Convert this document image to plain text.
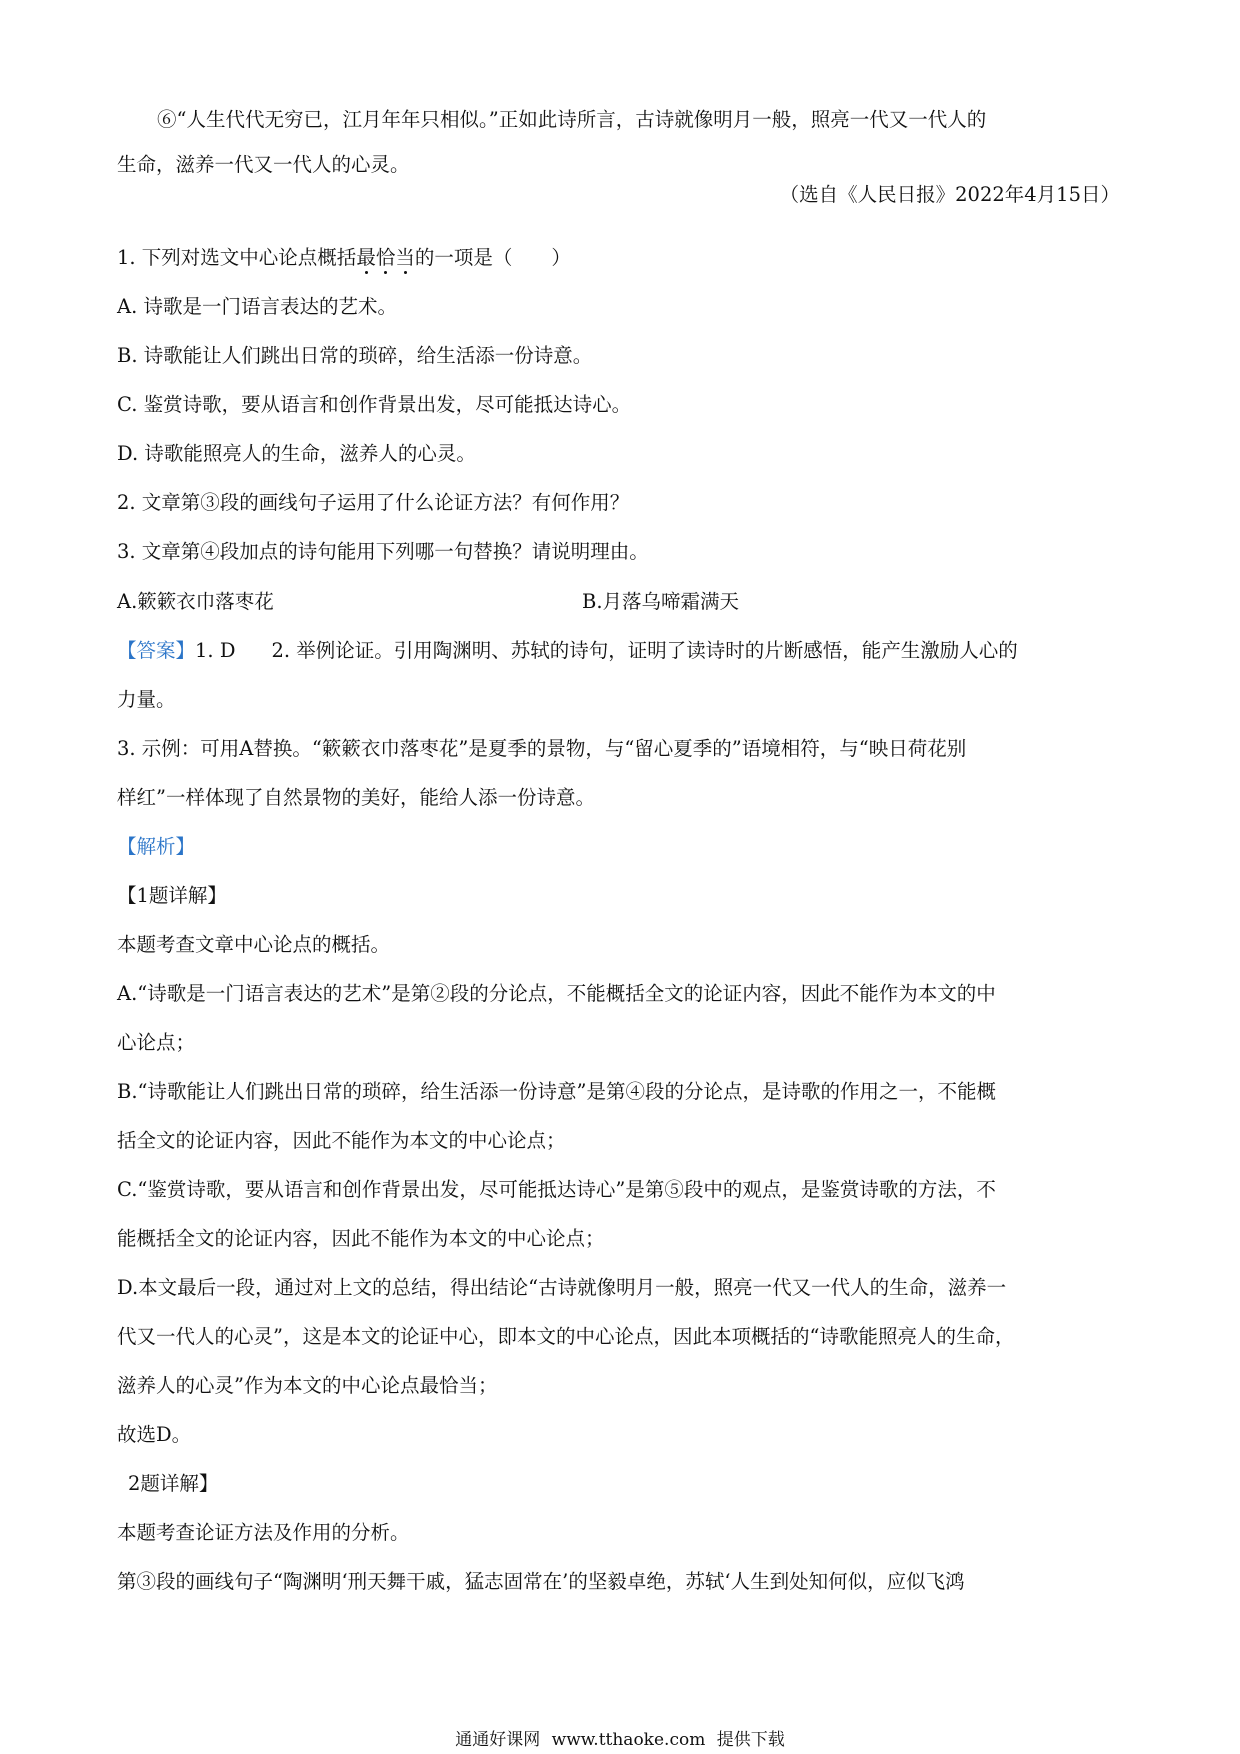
⑥“人生代代无穷已，江月年年只相似。”正如此诗所言，古诗就像明月一般，照亮一代又一代人的
生命，滋养一代又一代人的心灵。
（选自《人民日报》2022年4月15日）
1. 下列对选文中心论点概括最恰当的一项是（　　）
A. 诗歌是一门语言表达的艺术。
B. 诗歌能让人们跳出日常的琐碎，给生活添一份诗意。
C. 鉴赏诗歌，要从语言和创作背景出发，尽可能抵达诗心。
D. 诗歌能照亮人的生命，滋养人的心灵。
2. 文章第③段的画线句子运用了什么论证方法？有何作用？
3. 文章第④段加点的诗句能用下列哪一句替换？请说明理由。
A.簌簌衣巾落枣花	B.月落乌啼霜满天
【答案】1. D 2. 举例论证。引用陶渊明、苏轼的诗句，证明了读诗时的片断感悟，能产生激励人心的
力量。
3. 示例：可用A替换。“簌簌衣巾落枣花”是夏季的景物，与“留心夏季的”语境相符，与“映日荷花别
样红”一样体现了自然景物的美好，能给人添一份诗意。
【解析】
【1题详解】
本题考查文章中心论点的概括。
A.“诗歌是一门语言表达的艺术”是第②段的分论点，不能概括全文的论证内容，因此不能作为本文的中
心论点；
B.“诗歌能让人们跳出日常的琐碎，给生活添一份诗意”是第④段的分论点，是诗歌的作用之一，不能概
括全文的论证内容，因此不能作为本文的中心论点；
C.“鉴赏诗歌，要从语言和创作背景出发，尽可能抵达诗心”是第⑤段中的观点，是鉴赏诗歌的方法，不
能概括全文的论证内容，因此不能作为本文的中心论点；
D.本文最后一段，通过对上文的总结，得出结论“古诗就像明月一般，照亮一代又一代人的生命，滋养一
代又一代人的心灵”，这是本文的论证中心，即本文的中心论点，因此本项概括的“诗歌能照亮人的生命，
滋养人的心灵”作为本文的中心论点最恰当；
故选D。
2题详解】
本题考查论证方法及作用的分析。
第③段的画线句子“陶渊明‘刑天舞干戚，猛志固常在’的坚毅卓绝，苏轼‘人生到处知何似，应似飞鸿
通通好课网 www.tthaoke.com 提供下载
